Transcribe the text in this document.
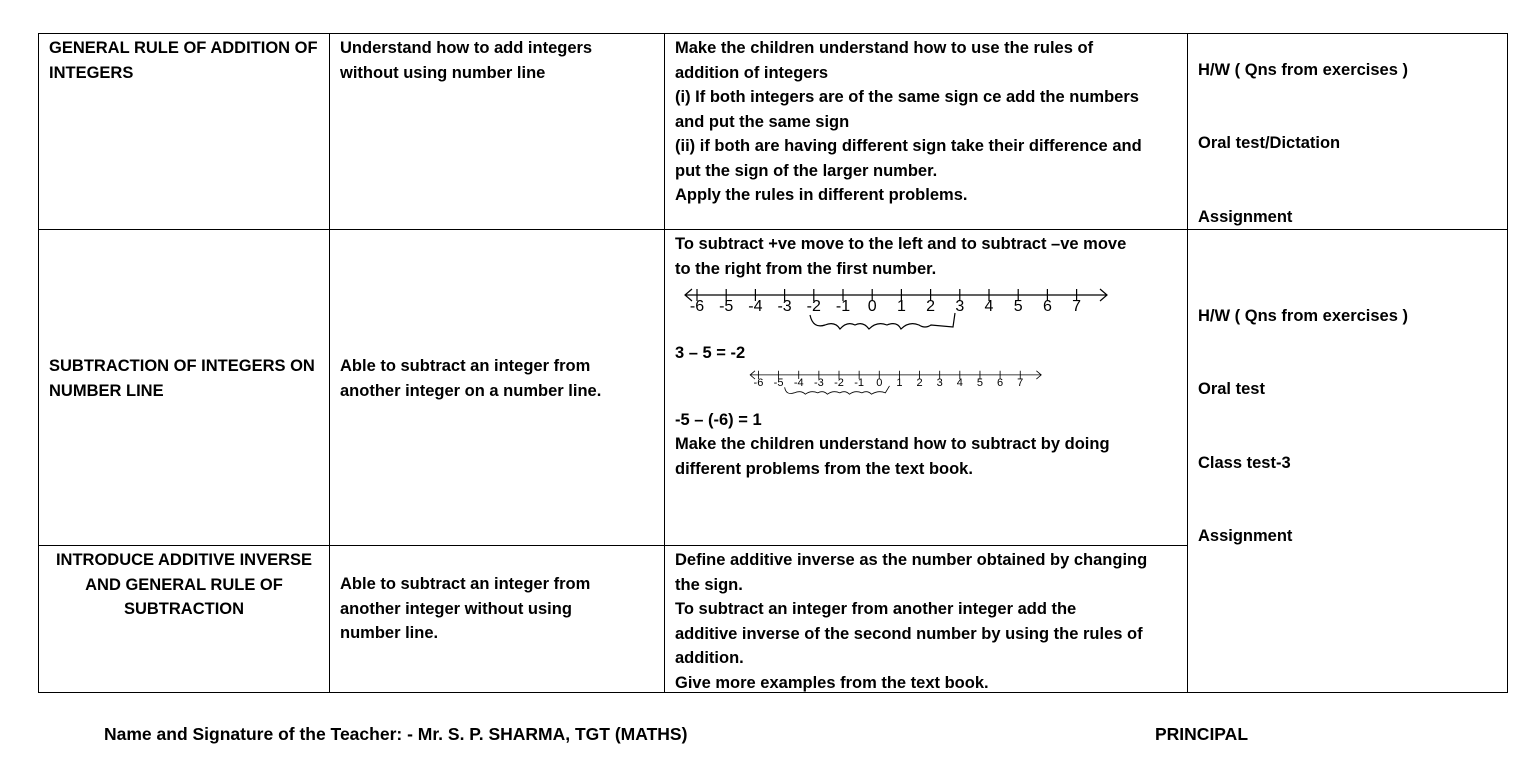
GENERAL RULE OF ADDITION OF
INTEGERS
Understand how to add integers
without using number line
Make the children understand how to use the rules of
addition of integers
(i) If both integers are of the same sign ce add the numbers
and put the same sign
(ii) if both are having different sign take their difference and
put the sign of the larger number.
Apply the rules in different problems.
H/W ( Qns from exercises )
Oral test/Dictation
Assignment
SUBTRACTION OF INTEGERS ON
NUMBER LINE
Able to subtract an integer from
another integer on a number line.
To subtract +ve move to the left and to subtract –ve move
to the right from the first number.
-6 -5 -4 -3 -2 -1 0 1 2 3 4 5 6 7
3 – 5 = -2
-6 -5 -4 -3 -2 -1 0 1 2 3 4 5 6 7
-5 – (-6) = 1
Make the children understand how to subtract by doing
different problems from the text book.
H/W ( Qns from exercises )
Oral test
Class test-3
Assignment
INTRODUCE ADDITIVE INVERSE
AND GENERAL RULE OF
SUBTRACTION
Able to subtract an integer from
another integer without using
number line.
Define additive inverse as the number obtained by changing
the sign.
To subtract an integer from another integer add the
additive inverse of the second number by using the rules of
addition.
Give more examples from the text book.
Name and Signature of the Teacher: - Mr. S. P. SHARMA, TGT (MATHS)	PRINCIPAL
